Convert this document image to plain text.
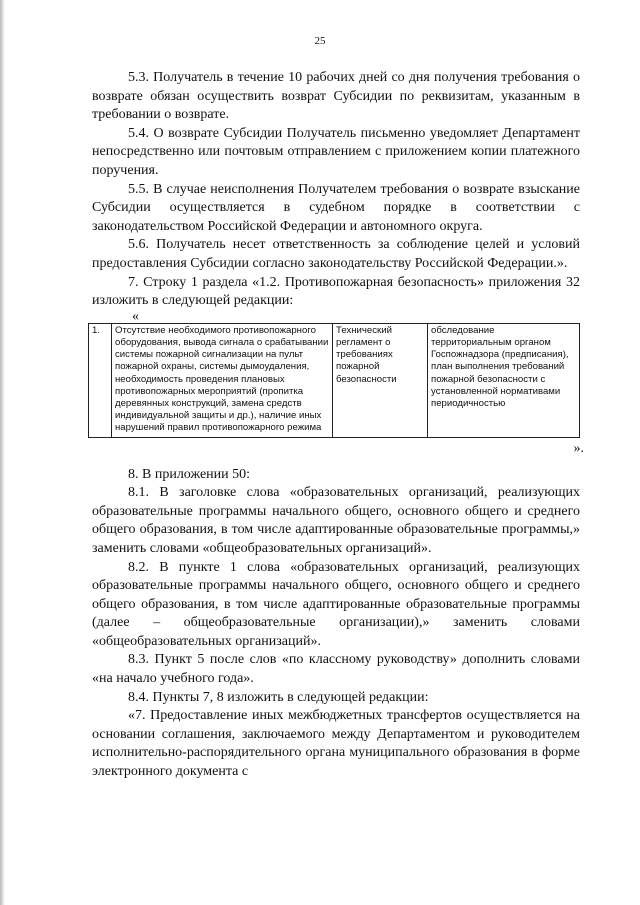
25

5.3. Получатель в течение 10 рабочих дней со дня получения требования о возврате обязан осуществить возврат Субсидии по реквизитам, указанным в требовании о возврате.

5.4. О возврате Субсидии Получатель письменно уведомляет Департамент непосредственно или почтовым отправлением с приложением копии платежного поручения.

5.5. В случае неисполнения Получателем требования о возврате взыскание Субсидии осуществляется в судебном порядке в соответствии с законодательством Российской Федерации и автономного округа.

5.6. Получатель несет ответственность за соблюдение целей и условий предоставления Субсидии согласно законодательству Российской Федерации.».

7. Строку 1 раздела «1.2. Противопожарная безопасность» приложения 32 изложить в следующей редакции:

«
1.	Отсутствие необходимого противопожарного оборудования, вывода сигнала о срабатывании системы пожарной сигнализации на пульт пожарной охраны, системы дымоудаления, необходимость проведения плановых противопожарных мероприятий (пропитка деревянных конструкций, замена средств индивидуальной защиты и др.), наличие иных нарушений правил противопожарного режима	Технический регламент о требованиях пожарной безопасности	обследование территориальным органом Госпожнадзора (предписания), план выполнения требований пожарной безопасности с установленной нормативами периодичностью
».

8. В приложении 50:

8.1. В заголовке слова «образовательных организаций, реализующих образовательные программы начального общего, основного общего и среднего общего образования, в том числе адаптированные образовательные программы,» заменить словами «общеобразовательных организаций».

8.2. В пункте 1 слова «образовательных организаций, реализующих образовательные программы начального общего, основного общего и среднего общего образования, в том числе адаптированные образовательные программы (далее – общеобразовательные организации),» заменить словами «общеобразовательных организаций».

8.3. Пункт 5 после слов «по классному руководству» дополнить словами «на начало учебного года».

8.4. Пункты 7, 8 изложить в следующей редакции:

«7. Предоставление иных межбюджетных трансфертов осуществляется на основании соглашения, заключаемого между Департаментом и руководителем исполнительно-распорядительного органа муниципального образования в форме электронного документа с
